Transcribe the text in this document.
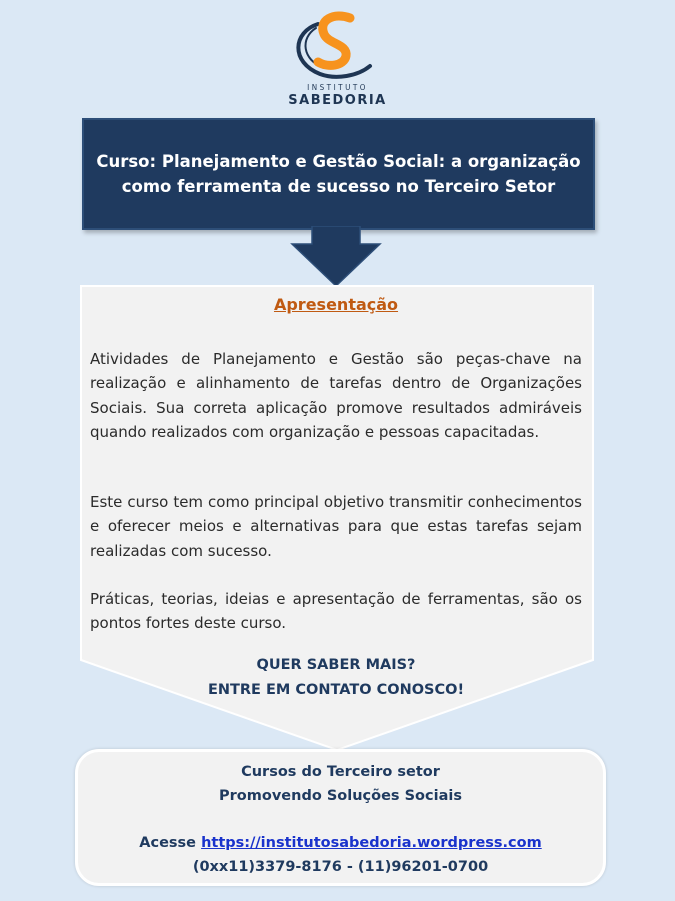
INSTITUTO
SABEDORIA
Curso: Planejamento e Gestão Social: a organização como ferramenta de sucesso no Terceiro Setor
Apresentação

Atividades de Planejamento e Gestão são peças-chave na realização e alinhamento de tarefas dentro de Organizações Sociais. Sua correta aplicação promove resultados admiráveis quando realizados com organização e pessoas capacitadas.

Este curso tem como principal objetivo transmitir conhecimentos e oferecer meios e alternativas para que estas tarefas sejam realizadas com sucesso.

Práticas, teorias, ideias e apresentação de ferramentas, são os pontos fortes deste curso.

QUER SABER MAIS?
ENTRE EM CONTATO CONOSCO!
Cursos do Terceiro setor
Promovendo Soluções Sociais
Acesse https://institutosabedoria.wordpress.com
(0xx11)3379-8176 - (11)96201-0700
